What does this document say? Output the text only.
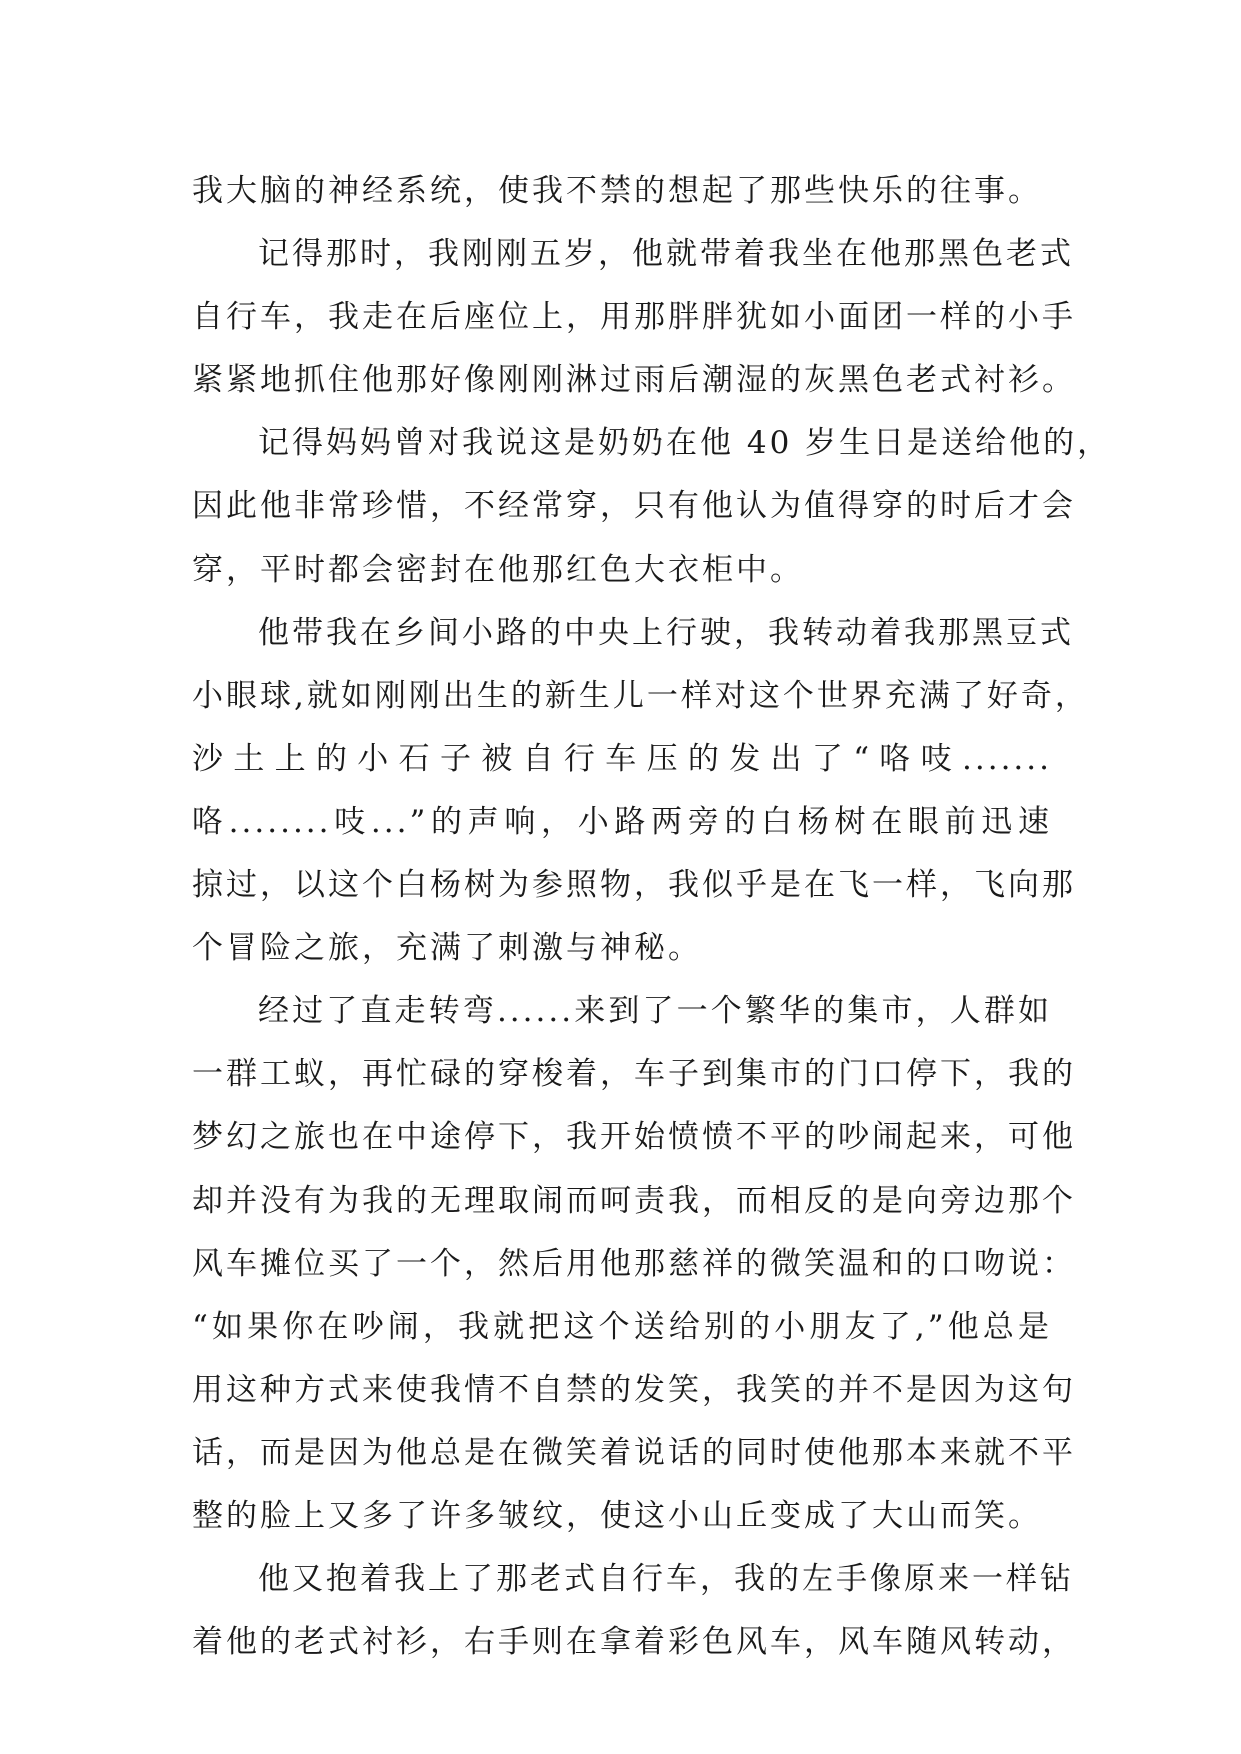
我大脑的神经系统，使我不禁的想起了那些快乐的往事。
记得那时，我刚刚五岁，他就带着我坐在他那黑色老式
自行车，我走在后座位上，用那胖胖犹如小面团一样的小手
紧紧地抓住他那好像刚刚淋过雨后潮湿的灰黑色老式衬衫。
记得妈妈曾对我说这是奶奶在他 40 岁生日是送给他的，
因此他非常珍惜，不经常穿，只有他认为值得穿的时后才会
穿，平时都会密封在他那红色大衣柜中。
他带我在乡间小路的中央上行驶，我转动着我那黑豆式
小眼球,就如刚刚出生的新生儿一样对这个世界充满了好奇，
沙土上的小石子被自行车压的发出了“咯吱.......
咯........吱...”的声响，小路两旁的白杨树在眼前迅速
掠过，以这个白杨树为参照物，我似乎是在飞一样，飞向那
个冒险之旅，充满了刺激与神秘。
经过了直走转弯......来到了一个繁华的集市，人群如
一群工蚁，再忙碌的穿梭着，车子到集市的门口停下，我的
梦幻之旅也在中途停下，我开始愤愤不平的吵闹起来，可他
却并没有为我的无理取闹而呵责我，而相反的是向旁边那个
风车摊位买了一个，然后用他那慈祥的微笑温和的口吻说：
“如果你在吵闹，我就把这个送给别的小朋友了,”他总是
用这种方式来使我情不自禁的发笑，我笑的并不是因为这句
话，而是因为他总是在微笑着说话的同时使他那本来就不平
整的脸上又多了许多皱纹，使这小山丘变成了大山而笑。
他又抱着我上了那老式自行车，我的左手像原来一样钻
着他的老式衬衫，右手则在拿着彩色风车，风车随风转动，
